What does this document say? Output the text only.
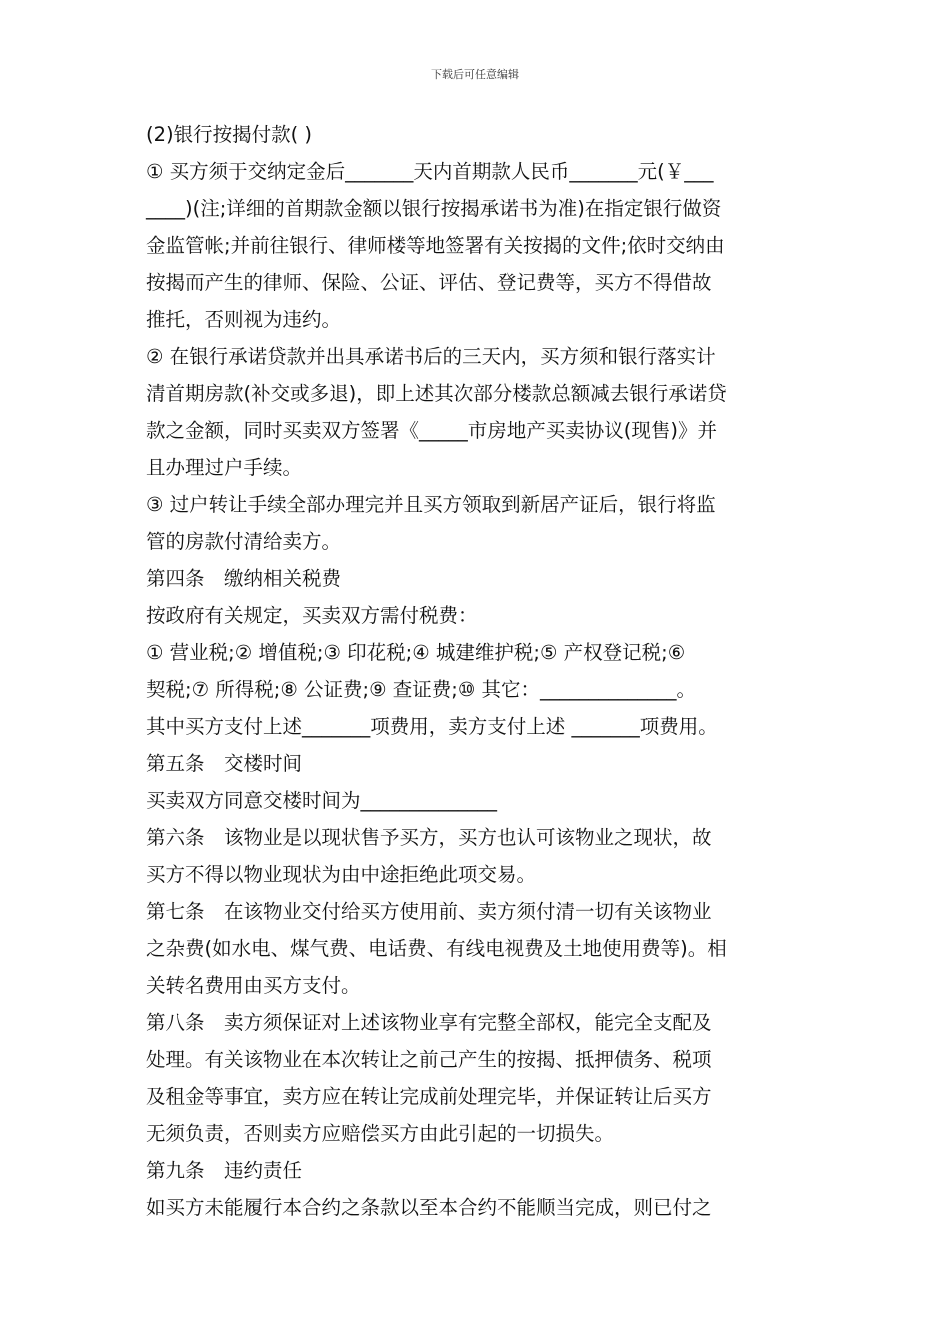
下载后可任意编辑
(2)银行按揭付款( )
① 买方须于交纳定金后_______天内首期款人民币_______元(￥___
____)(注;详细的首期款金额以银行按揭承诺书为准)在指定银行做资
金监管帐;并前往银行、律师楼等地签署有关按揭的文件;依时交纳由
按揭而产生的律师、保险、公证、评估、登记费等，买方不得借故
推托，否则视为违约。
② 在银行承诺贷款并出具承诺书后的三天内，买方须和银行落实计
清首期房款(补交或多退)，即上述其次部分楼款总额减去银行承诺贷
款之金额，同时买卖双方签署《_____市房地产买卖协议(现售)》并
且办理过户手续。
③ 过户转让手续全部办理完并且买方领取到新居产证后，银行将监
管的房款付清给卖方。
第四条　缴纳相关税费
按政府有关规定，买卖双方需付税费：
① 营业税;② 增值税;③ 印花税;④ 城建维护税;⑤ 产权登记税;⑥
契税;⑦ 所得税;⑧ 公证费;⑨ 查证费;⑩ 其它：______________。
其中买方支付上述_______项费用，卖方支付上述 _______项费用。
第五条　交楼时间
买卖双方同意交楼时间为______________
第六条　该物业是以现状售予买方，买方也认可该物业之现状，故
买方不得以物业现状为由中途拒绝此项交易。
第七条　在该物业交付给买方使用前、卖方须付清一切有关该物业
之杂费(如水电、煤气费、电话费、有线电视费及土地使用费等)。相
关转名费用由买方支付。
第八条　卖方须保证对上述该物业享有完整全部权，能完全支配及
处理。有关该物业在本次转让之前己产生的按揭、抵押债务、税项
及租金等事宜，卖方应在转让完成前处理完毕，并保证转让后买方
无须负责，否则卖方应赔偿买方由此引起的一切损失。
第九条　违约责任
如买方未能履行本合约之条款以至本合约不能顺当完成，则已付之
